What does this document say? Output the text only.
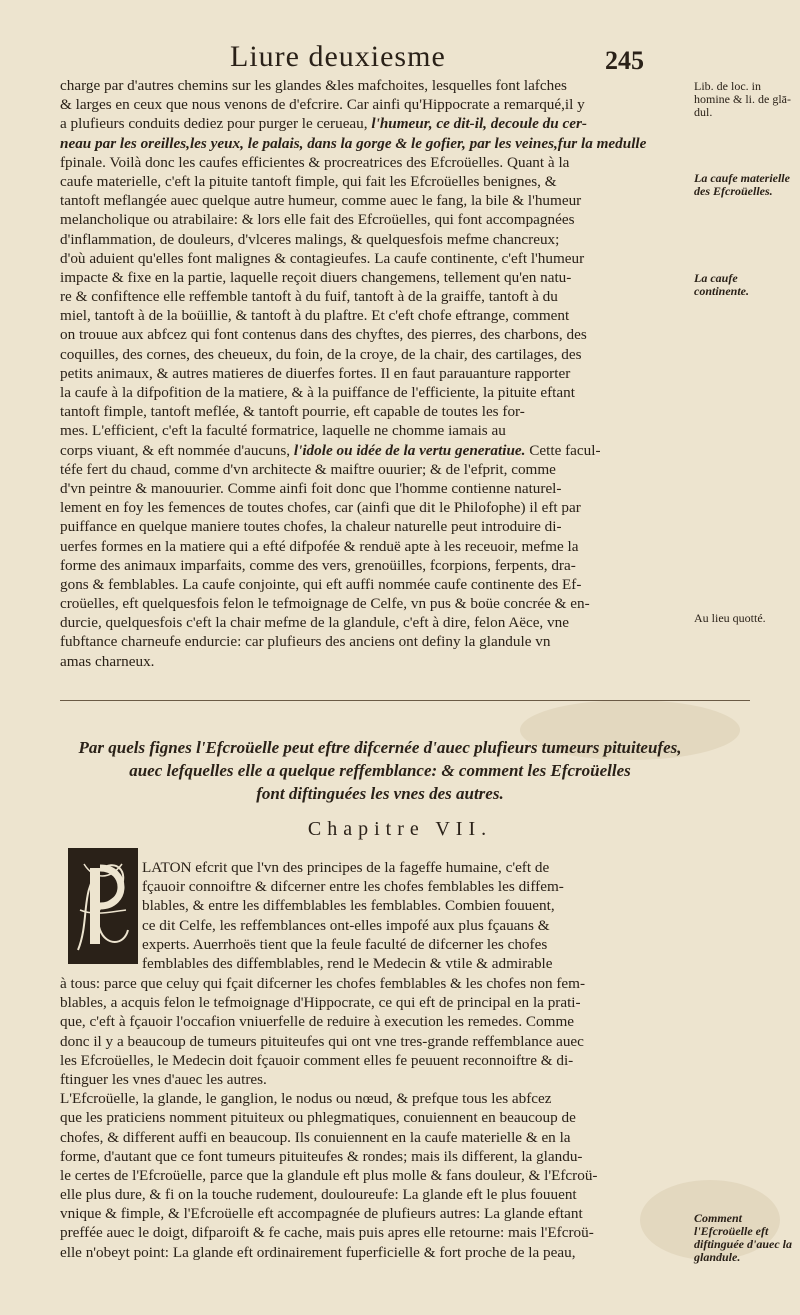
Liure deuxiesme	245
charge par d'autres chemins sur les glandes &les mafchoites, lesquelles font lafches
& larges en ceux que nous venons de d'efcrire. Car ainfi qu'Hippocrate a remarqué,il y
a plufieurs conduits dediez pour purger le cerueau, l'humeur, ce dit-il, decoule du cer-
neau par les oreilles,les yeux, le palais, dans la gorge & le gofier, par les veines,fur la medulle
fpinale. Voilà donc les caufes efficientes & procreatrices des Efcroüelles. Quant à la
caufe materielle, c'eft la pituite tantoft fimple, qui fait les Efcroüelles benignes, &
tantoft meflangée auec quelque autre humeur, comme auec le fang, la bile & l'humeur
melancholique ou atrabilaire: & lors elle fait des Efcroüelles, qui font accompagnées
d'inflammation, de douleurs, d'vlceres malings, & quelquesfois mefme chancreux;
d'où aduient qu'elles font malignes & contagieufes. La caufe continente, c'eft l'humeur
impacte & fixe en la partie, laquelle reçoit diuers changemens, tellement qu'en natu-
re & confiftence elle reffemble tantoft à du fuif, tantoft à de la graiffe, tantoft à du
miel, tantoft à de la boüillie, & tantoft à du plaftre. Et c'eft chofe eftrange, comment
on trouue aux abfcez qui font contenus dans des chyftes, des pierres, des charbons, des
coquilles, des cornes, des cheueux, du foin, de la croye, de la chair, des cartilages, des
petits animaux, & autres matieres de diuerfes fortes. Il en faut parauanture rapporter
la caufe à la difpofition de la matiere, & à la puiffance de l'efficiente, la pituite eftant
tantoft fimple, tantoft meflée, & tantoft pourrie, eft capable de toutes les for-
mes. L'efficient, c'eft la faculté formatrice, laquelle ne chomme iamais au
corps viuant, & eft nommée d'aucuns, l'idole ou idée de la vertu generatiue. Cette facul-
téfe fert du chaud, comme d'vn architecte & maiftre ouurier; & de l'efprit, comme
d'vn peintre & manouurier. Comme ainfi foit donc que l'homme contienne naturel-
lement en foy les femences de toutes chofes, car (ainfi que dit le Philofophe) il eft par
puiffance en quelque maniere toutes chofes, la chaleur naturelle peut introduire di-
uerfes formes en la matiere qui a efté difpofée & renduë apte à les receuoir, mefme la
forme des animaux imparfaits, comme des vers, grenoüilles, fcorpions, ferpents, dra-
gons & femblables. La caufe conjointe, qui eft auffi nommée caufe continente des Ef-
croüelles, eft quelquesfois felon le tefmoignage de Celfe, vn pus & boüe concrée & en-
durcie, quelquesfois c'eft la chair mefme de la glandule, c'eft à dire, felon Aëce, vne
fubftance charneufe endurcie: car plufieurs des anciens ont definy la glandule vn
amas charneux.
Lib. de loc. in homine & li. de glā-dul.
La caufe materielle des Efcroüelles.
La caufe continente.
Au lieu quotté.
Comment l'Efcroüelle eft diftinguée d'auec la glandule.
Par quels fignes l'Efcroüelle peut eftre difcernée d'auec plufieurs tumeurs pituiteufes,
auec lefquelles elle a quelque reffemblance: & comment les Efcroüelles
font diftinguées les vnes des autres.
Chapitre VII.
LATON efcrit que l'vn des principes de la fageffe humaine, c'eft de
fçauoir connoiftre & difcerner entre les chofes femblables les diffem-
blables, & entre les diffemblables les femblables. Combien fouuent,
ce dit Celfe, les reffemblances ont-elles impofé aux plus fçauans &
experts. Auerrhoës tient que la feule faculté de difcerner les chofes
femblables des diffemblables, rend le Medecin & vtile & admirable
à tous: parce que celuy qui fçait difcerner les chofes femblables & les chofes non fem-
blables, a acquis felon le tefmoignage d'Hippocrate, ce qui eft de principal en la prati-
que, c'eft à fçauoir l'occafion vniuerfelle de reduire à execution les remedes. Comme
donc il y a beaucoup de tumeurs pituiteufes qui ont vne tres-grande reffemblance auec
les Efcroüelles, le Medecin doit fçauoir comment elles fe peuuent reconnoiftre & di-
ftinguer les vnes d'auec les autres.
L'Efcroüelle, la glande, le ganglion, le nodus ou nœud, & prefque tous les abfcez
que les praticiens nomment pituiteux ou phlegmatiques, conuiennent en beaucoup de
chofes, & different auffi en beaucoup. Ils conuiennent en la caufe materielle & en la
forme, d'autant que ce font tumeurs pituiteufes & rondes; mais ils different, la glandu-
le certes de l'Efcroüelle, parce que la glandule eft plus molle & fans douleur, & l'Efcroü-
elle plus dure, & fi on la touche rudement, douloureufe: La glande eft le plus fouuent
vnique & fimple, & l'Efcroüelle eft accompagnée de plufieurs autres: La glande eftant
preffée auec le doigt, difparoift & fe cache, mais puis apres elle retourne: mais l'Efcroü-
elle n'obeyt point: La glande eft ordinairement fuperficielle & fort proche de la peau,
